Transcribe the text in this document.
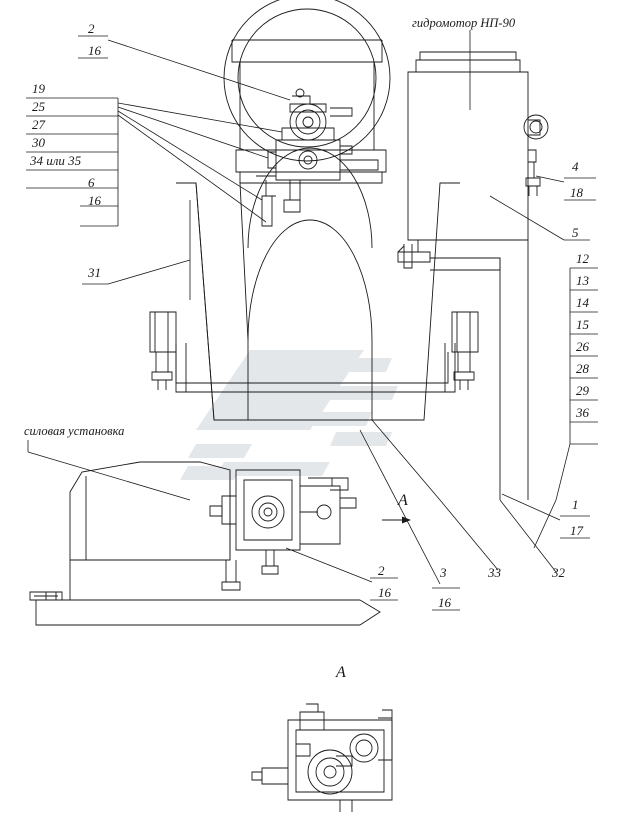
2
16
19
25
27
30
34 или 35
6
16
31
гидромотор НП-90
4
18
5
12
13
14
15
26
28
29
36
1
17
силовая установка
A
A
2
16
3
16
33	32
